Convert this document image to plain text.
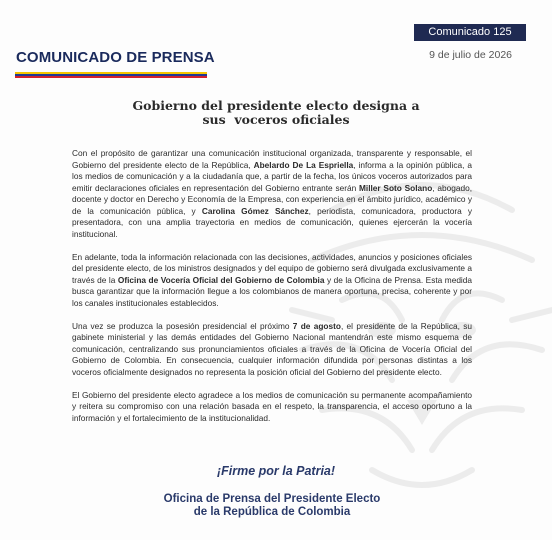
Comunicado 125
9 de julio de 2026
COMUNICADO DE PRENSA
Gobierno del presidente electo designa a
sus  voceros oficiales

Con el propósito de garantizar una comunicación institucional organizada, transparente y responsable, el Gobierno del presidente electo de la República, Abelardo De La Espriella, informa a la opinión pública, a los medios de comunicación y a la ciudadanía que, a partir de la fecha, los únicos voceros autorizados para emitir declaraciones oficiales en representación del Gobierno entrante serán Miller Soto Solano, abogado, docente y doctor en Derecho y Economía de la Empresa, con experiencia en el ámbito jurídico, académico y de la comunicación pública, y Carolina Gómez Sánchez, periodista, comunicadora, productora y presentadora, con una amplia trayectoria en medios de comunicación, quienes ejercerán la vocería institucional.

En adelante, toda la información relacionada con las decisiones, actividades, anuncios y posiciones oficiales del presidente electo, de los ministros designados y del equipo de gobierno será divulgada exclusivamente a través de la Oficina de Vocería Oficial del Gobierno de Colombia y de la Oficina de Prensa. Esta medida busca garantizar que la información llegue a los colombianos de manera oportuna, precisa, coherente y por los canales institucionales establecidos.

Una vez se produzca la posesión presidencial el próximo 7 de agosto, el presidente de la República, su gabinete ministerial y las demás entidades del Gobierno Nacional mantendrán este mismo esquema de comunicación, centralizando sus pronunciamientos oficiales a través de la Oficina de Vocería Oficial del Gobierno de Colombia. En consecuencia, cualquier información difundida por personas distintas a los voceros oficialmente designados no representa la posición oficial del Gobierno del presidente electo.

El Gobierno del presidente electo agradece a los medios de comunicación su permanente acompañamiento y reitera su compromiso con una relación basada en el respeto, la transparencia, el acceso oportuno a la información y el fortalecimiento de la institucionalidad.

¡Firme por la Patria!
Oficina de Prensa del Presidente Electo
de la República de Colombia
